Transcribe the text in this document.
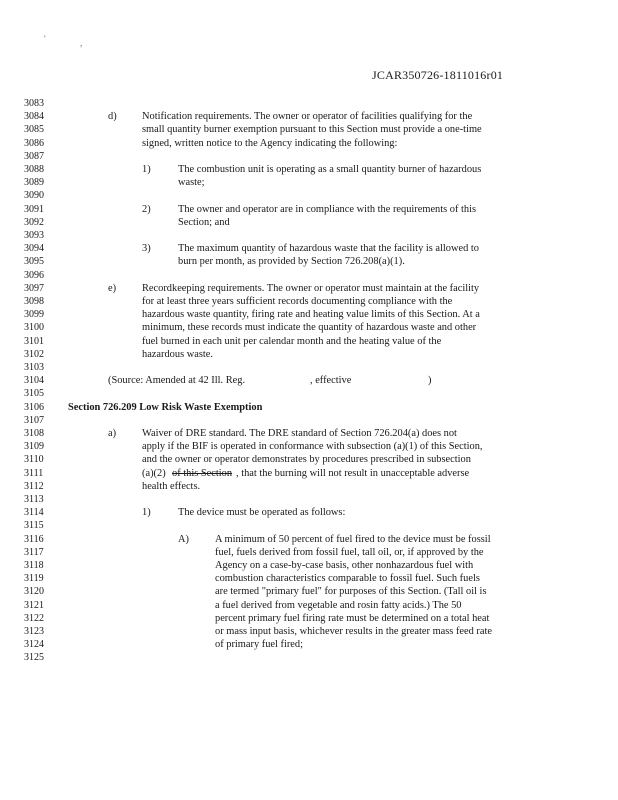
'	,
JCAR350726-1811016r01
3083
3084	d) Notification requirements. The owner or operator of facilities qualifying for the
3085	small quantity burner exemption pursuant to this Section must provide a one-time
3086	signed, written notice to the Agency indicating the following:
3087
3088	1)	The combustion unit is operating as a small quantity burner of hazardous
3089	waste;
3090
3091	2)	The owner and operator are in compliance with the requirements of this
3092	Section; and
3093
3094	3)	The maximum quantity of hazardous waste that the facility is allowed to
3095	burn per month, as provided by Section 726.208(a)(1).
3096
3097	e) Recordkeeping requirements. The owner or operator must maintain at the facility
3098	for at least three years sufficient records documenting compliance with the
3099	hazardous waste quantity, firing rate and heating value limits of this Section. At a
3100	minimum, these records must indicate the quantity of hazardous waste and other
3101	fuel burned in each unit per calendar month and the heating value of the
3102	hazardous waste.
3103
3104	(Source: Amended at 42 Ill. Reg.	, effective	)
3105
3106	Section 726.209 Low Risk Waste Exemption
3107
3108	a) Waiver of DRE standard. The DRE standard of Section 726.204(a) does not
3109	apply if the BIF is operated in conformance with subsection (a)(1) of this Section,
3110	and the owner or operator demonstrates by procedures prescribed in subsection
3111	(a)(2) of this Section , that the burning will not result in unacceptable adverse
3112	health effects.
3113
3114	1)	The device must be operated as follows:
3115
3116	A)	A minimum of 50 percent of fuel fired to the device must be fossil
3117	fuel, fuels derived from fossil fuel, tall oil, or, if approved by the
3118	Agency on a case-by-case basis, other nonhazardous fuel with
3119	combustion characteristics comparable to fossil fuel. Such fuels
3120	are termed "primary fuel" for purposes of this Section. (Tall oil is
3121	a fuel derived from vegetable and rosin fatty acids.) The 50
3122	percent primary fuel firing rate must be determined on a total heat
3123	or mass input basis, whichever results in the greater mass feed rate
3124	of primary fuel fired;
3125
